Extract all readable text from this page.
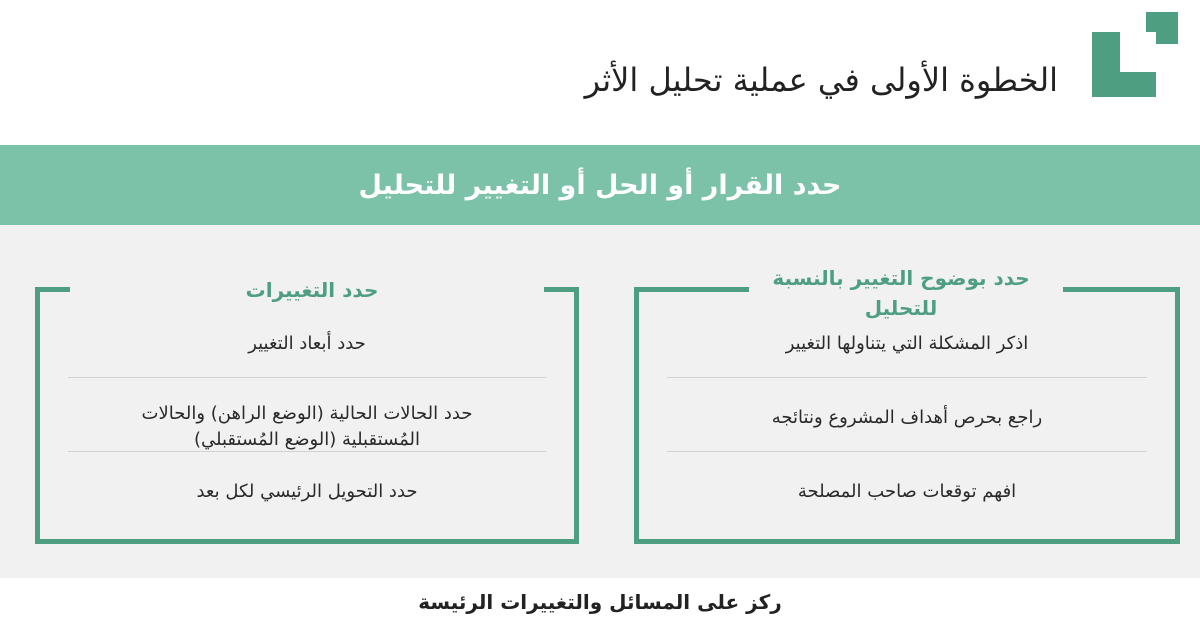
الخطوة الأولى في عملية تحليل الأثر
حدد القرار أو الحل أو التغيير للتحليل
حدد بوضوح التغيير بالنسبة للتحليل
اذكر المشكلة التي يتناولها التغيير
راجع بحرص أهداف المشروع ونتائجه
افهم توقعات صاحب المصلحة
حدد التغييرات
حدد أبعاد التغيير
حدد الحالات الحالية (الوضع الراهن) والحالات المُستقبلية (الوضع المُستقبلي)
حدد التحويل الرئيسي لكل بعد
ركز على المسائل والتغييرات الرئيسة
